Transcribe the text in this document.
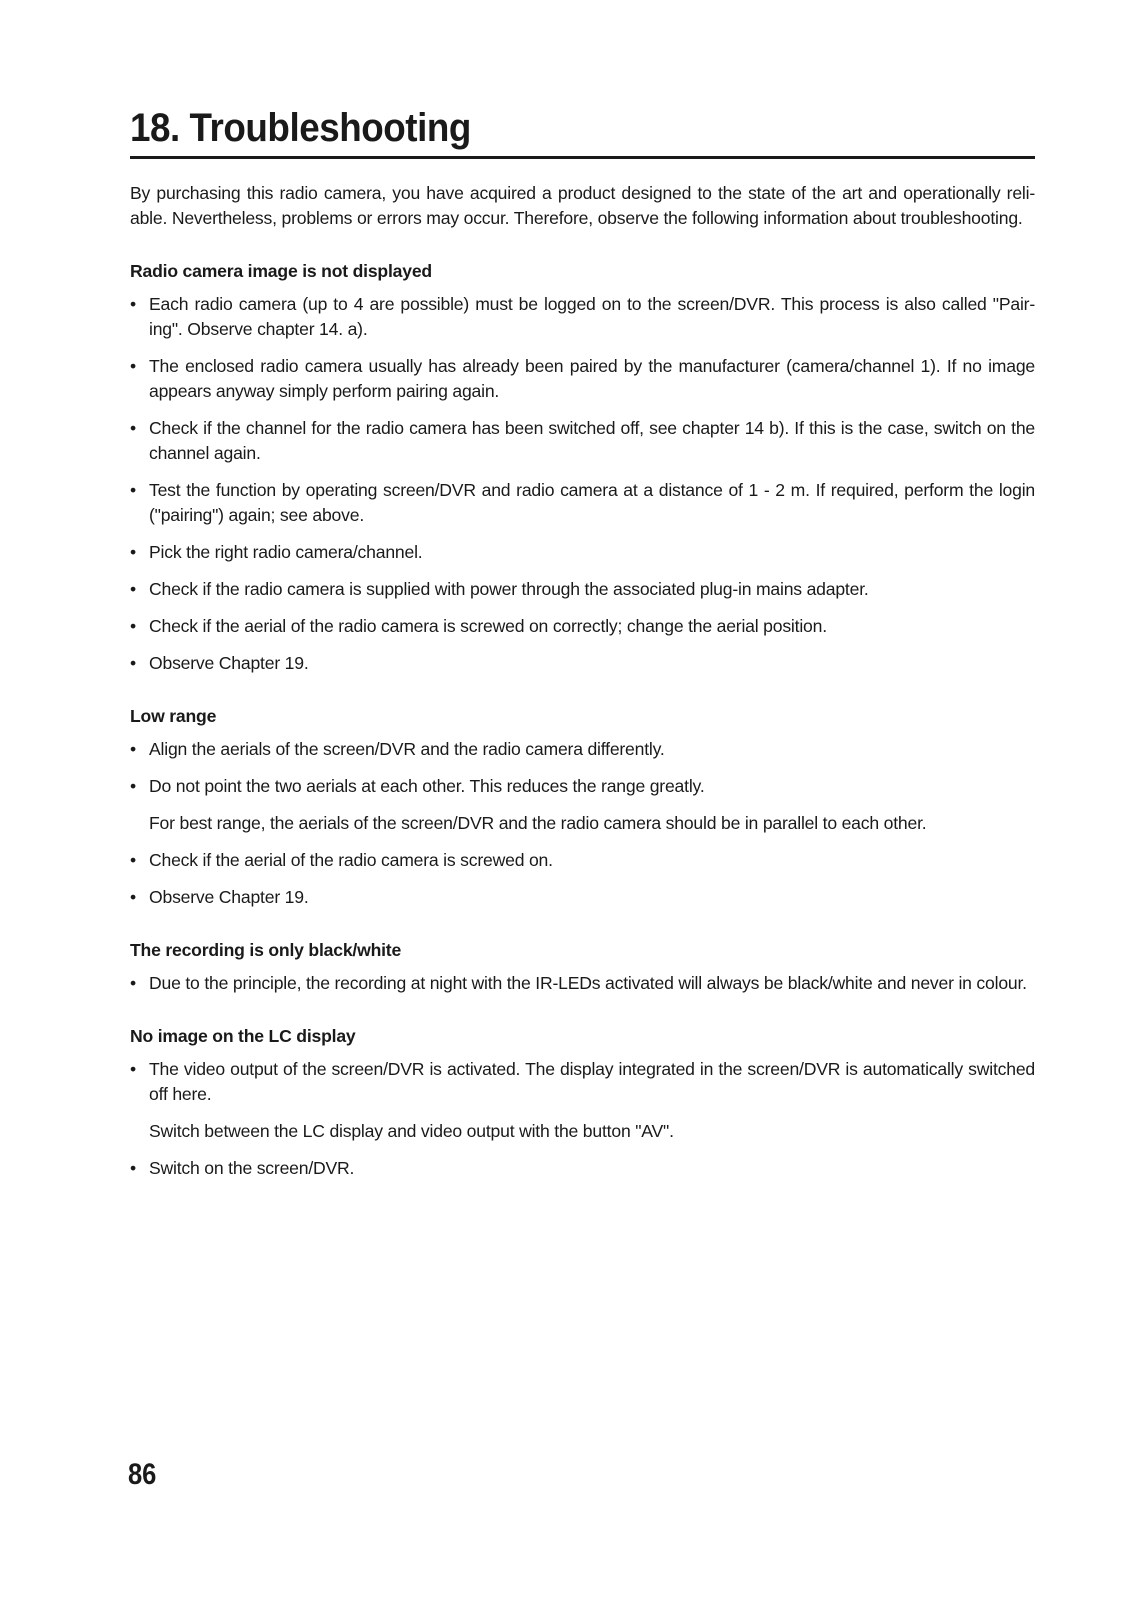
18. Troubleshooting

By purchasing this radio camera, you have acquired a product designed to the state of the art and operationally reli- able. Nevertheless, problems or errors may occur. Therefore, observe the following information about troubleshooting.

Radio camera image is not displayed
• Each radio camera (up to 4 are possible) must be logged on to the screen/DVR. This process is also called "Pair- ing". Observe chapter 14. a).
• The enclosed radio camera usually has already been paired by the manufacturer (camera/channel 1). If no image appears anyway simply perform pairing again.
• Check if the channel for the radio camera has been switched off, see chapter 14 b). If this is the case, switch on the channel again.
• Test the function by operating screen/DVR and radio camera at a distance of 1 - 2 m. If required, perform the login ("pairing") again; see above.
• Pick the right radio camera/channel.
• Check if the radio camera is supplied with power through the associated plug-in mains adapter.
• Check if the aerial of the radio camera is screwed on correctly; change the aerial position.
• Observe Chapter 19.
Low range
• Align the aerials of the screen/DVR and the radio camera differently.
• Do not point the two aerials at each other. This reduces the range greatly.
For best range, the aerials of the screen/DVR and the radio camera should be in parallel to each other.
• Check if the aerial of the radio camera is screwed on.
• Observe Chapter 19.
The recording is only black/white
• Due to the principle, the recording at night with the IR-LEDs activated will always be black/white and never in colour.
No image on the LC display
• The video output of the screen/DVR is activated. The display integrated in the screen/DVR is automatically switched off here.
Switch between the LC display and video output with the button "AV".
• Switch on the screen/DVR.
86
